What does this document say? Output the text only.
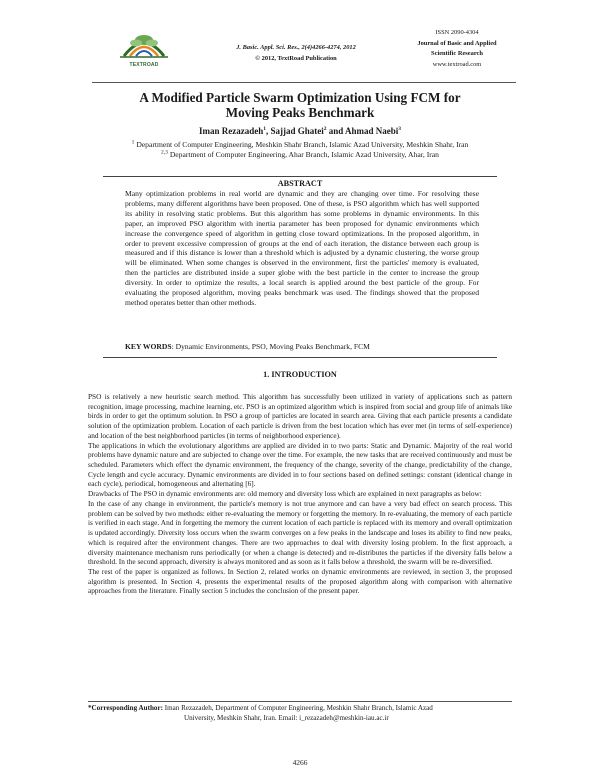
TEXTROAD
J. Basic. Appl. Sci. Res., 2(4)4266-4274, 2012
© 2012, TextRoad Publication
ISSN 2090-4304
Journal of Basic and Applied
Scientific Research
www.textroad.com
A Modified Particle Swarm Optimization Using FCM for
Moving Peaks Benchmark
Iman Rezazadeh$^1$, Sajjad Ghatei$^2$ and Ahmad Naebi$^3$
$^1$ Department of Computer Engineering, Meshkin Shahr Branch, Islamic Azad University, Meshkin Shahr, Iran
$^{2,3}$ Department of Computer Engineering, Ahar Branch, Islamic Azad University, Ahar, Iran
ABSTRACT
Many optimization problems in real world are dynamic and they are changing over time. For resolving these problems, many different algorithms have been proposed. One of these, is PSO algorithm which has well supported its ability in resolving static problems. But this algorithm has some problems in dynamic environments. In this paper, an improved PSO algorithm with inertia parameter has been proposed for dynamic environments which increase the convergence speed of algorithm in getting close toward optimizations. In the proposed algorithm, in order to prevent excessive compression of groups at the end of each iteration, the distance between each group is measured and if this distance is lower than a threshold which is adjusted by a dynamic clustering, the worse group will be eliminated. When some changes is observed in the environment, first the particles' memory is evaluated, then the particles are distributed inside a super globe with the best particle in the center to increase the group diversity. In order to optimize the results, a local search is applied around the best particle of the group. For evaluating the proposed algorithm, moving peaks benchmark was used. The findings showed that the proposed method operates better than other methods.
KEY WORDS: Dynamic Environments, PSO, Moving Peaks Benchmark, FCM
1. INTRODUCTION

PSO is relatively a new heuristic search method. This algorithm has successfully been utilized in variety of applications such as pattern recognition, image processing, machine learning, etc. PSO is an optimized algorithm which is inspired from social and group life of animals like birds in order to get the optimum solution. In PSO a group of particles are located in search area. Giving that each particle presents a candidate solution of the optimization problem. Location of each particle is driven from the best location which has ever met (in terms of self-experience) and location of the best neighborhood particles (in terms of neighborhood experience).

The applications in which the evolutionary algorithms are applied are divided in to two parts: Static and Dynamic. Majority of the real world problems have dynamic nature and are subjected to change over the time. For example, the new tasks that are received continuously and must be scheduled. Parameters which effect the dynamic environment, the frequency of the change, severity of the change, predictability of the change, Cycle length and cycle accuracy. Dynamic environments are divided in to four sections based on defined settings: constant (identical change in each cycle), periodical, homogeneous and alternating [6].

Drawbacks of The PSO in dynamic environments are: old memory and diversity loss which are explained in next paragraphs as below:

In the case of any change in environment, the particle's memory is not true anymore and can have a very bad effect on search process. This problem can be solved by two methods: either re-evaluating the memory or forgetting the memory. In re-evaluating, the memory of each particle is verified in each stage. And in forgetting the memory the current location of each particle is replaced with its memory and overall optimization is updated accordingly. Diversity loss occurs when the swarm converges on a few peaks in the landscape and loses its ability to find new peaks, which is required after the environment changes. There are two approaches to deal with diversity losing problem. In the first approach, a diversity maintenance mechanism runs periodically (or when a change is detected) and re-distributes the particles if the diversity falls below a threshold. In the second approach, diversity is always monitored and as soon as it falls below a threshold, the swarm will be re-diversified.

The rest of the paper is organized as follows. In Section 2, related works on dynamic environments are reviewed, in section 3, the proposed algorithm is presented. In Section 4, presents the experimental results of the proposed algorithm along with comparison with alternative approaches from the literature. Finally section 5 includes the conclusion of the present paper.

*Corresponding Author: Iman Rezazadeh, Department of Computer Engineering, Meshkin Shahr Branch, Islamic Azad
University, Meshkin Shahr, Iran. Email: i_rezazadeh@meshkin-iau.ac.ir
4266
